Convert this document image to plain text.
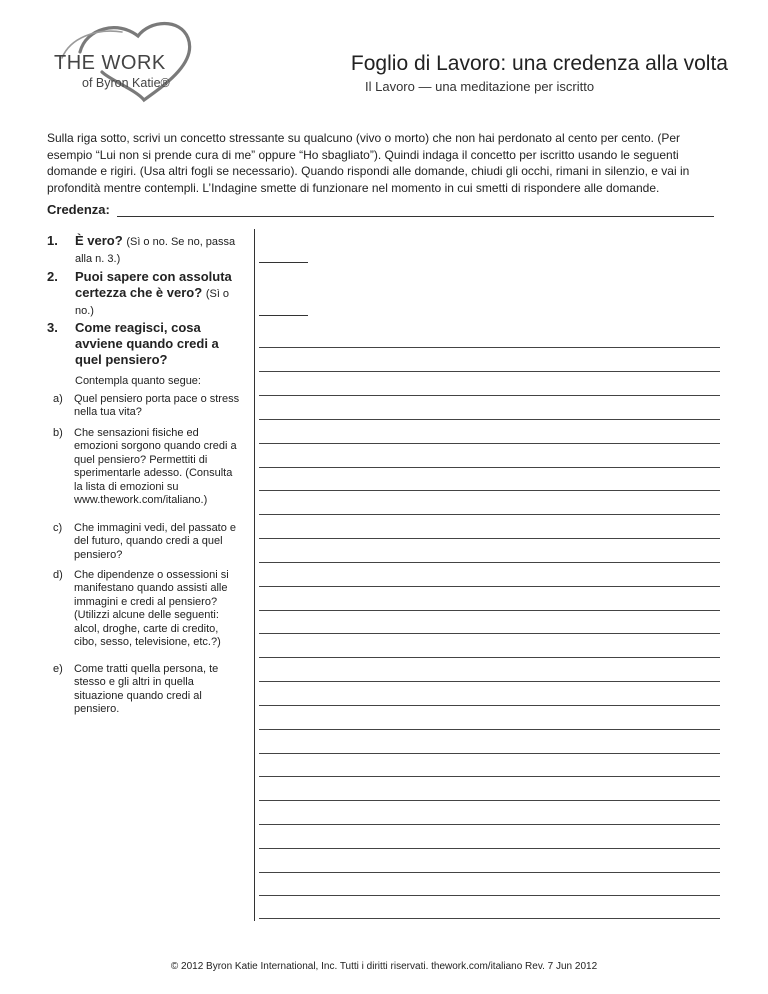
THE WORK
of Byron Katie®
Foglio di Lavoro: una credenza alla volta
Il Lavoro — una meditazione per iscritto
Sulla riga sotto, scrivi un concetto stressante su qualcuno (vivo o morto) che non hai perdonato al cento per cento. (Per esempio “Lui non si prende cura di me” oppure “Ho sbagliato”). Quindi indaga il concetto per iscritto usando le seguenti domande e rigiri. (Usa altri fogli se necessario). Quando rispondi alle domande, chiudi gli occhi, rimani in silenzio, e vai in profondità mentre contempli. L’Indagine smette di funzionare nel momento in cui smetti di rispondere alle domande.
Credenza:
1. È vero? (Sì o no. Se no, passa alla n. 3.)
2. Puoi sapere con assoluta certezza che è vero? (Sì o no.)
3. Come reagisci, cosa avviene quando credi a quel pensiero?
Contempla quanto segue:
a)	Quel pensiero porta pace o stress nella tua vita?
b)	Che sensazioni fisiche ed emozioni sorgono quando credi a quel pensiero? Permettiti di sperimentarle adesso. (Consulta la lista di emozioni su www.thework.com/italiano.)
c)	Che immagini vedi, del passato e del futuro, quando credi a quel pensiero?
d)	Che dipendenze o ossessioni si manifestano quando assisti alle immagini e credi al pensiero? (Utilizzi alcune delle seguenti: alcol, droghe, carte di credito, cibo, sesso, televisione, etc.?)
e)	Come tratti quella persona, te stesso e gli altri in quella situazione quando credi al pensiero.
© 2012 Byron Katie International, Inc. Tutti i diritti riservati. thework.com/italiano Rev. 7 Jun 2012
